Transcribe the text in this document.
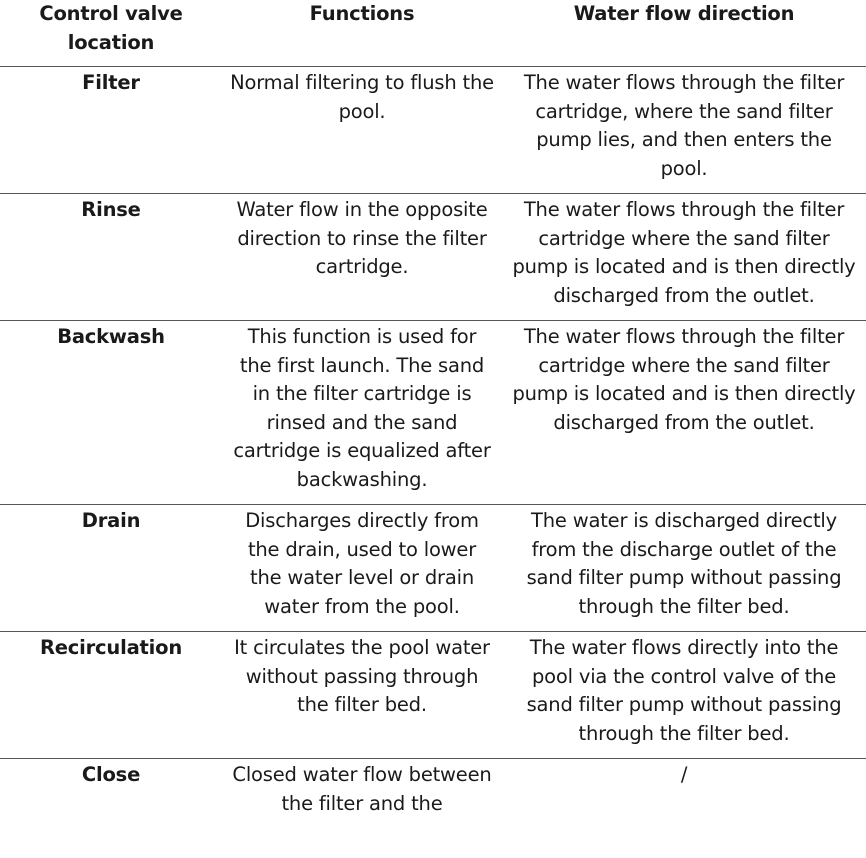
Control valve location	Functions	Water flow direction
Filter	Normal filtering to flush the pool.	The water flows through the filter cartridge, where the sand filter pump lies, and then enters the pool.
Rinse	Water flow in the opposite direction to rinse the filter cartridge.	The water flows through the filter cartridge where the sand filter pump is located and is then directly discharged from the outlet.
Backwash	This function is used for the first launch. The sand in the filter cartridge is rinsed and the sand cartridge is equalized after backwashing.	The water flows through the filter cartridge where the sand filter pump is located and is then directly discharged from the outlet.
Drain	Discharges directly from the drain, used to lower the water level or drain water from the pool.	The water is discharged directly from the discharge outlet of the sand filter pump without passing through the filter bed.
Recirculation	It circulates the pool water without passing through the filter bed.	The water flows directly into the pool via the control valve of the sand filter pump without passing through the filter bed.
Close	Closed water flow between the filter and the	/
